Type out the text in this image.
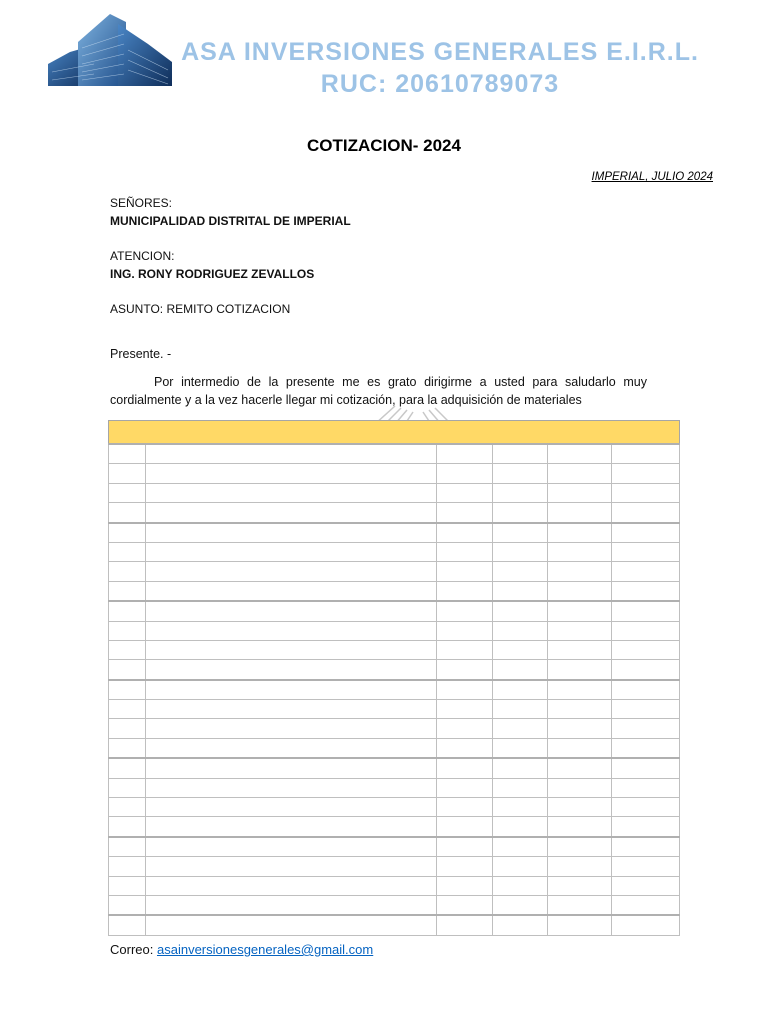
ASA INVERSIONES GENERALES E.I.R.L.
RUC: 20610789073
COTIZACION- 2024
IMPERIAL, JULIO 2024
SEÑORES:
MUNICIPALIDAD DISTRITAL DE IMPERIAL
ATENCION:
ING. RONY RODRIGUEZ ZEVALLOS
ASUNTO: REMITO COTIZACION
Presente. -
Por intermedio de la presente me es grato dirigirme a usted para saludarlo muy cordialmente y a la vez hacerle llegar mi cotización, para la adquisición de materiales

Correo: asainversionesgenerales@gmail.com
